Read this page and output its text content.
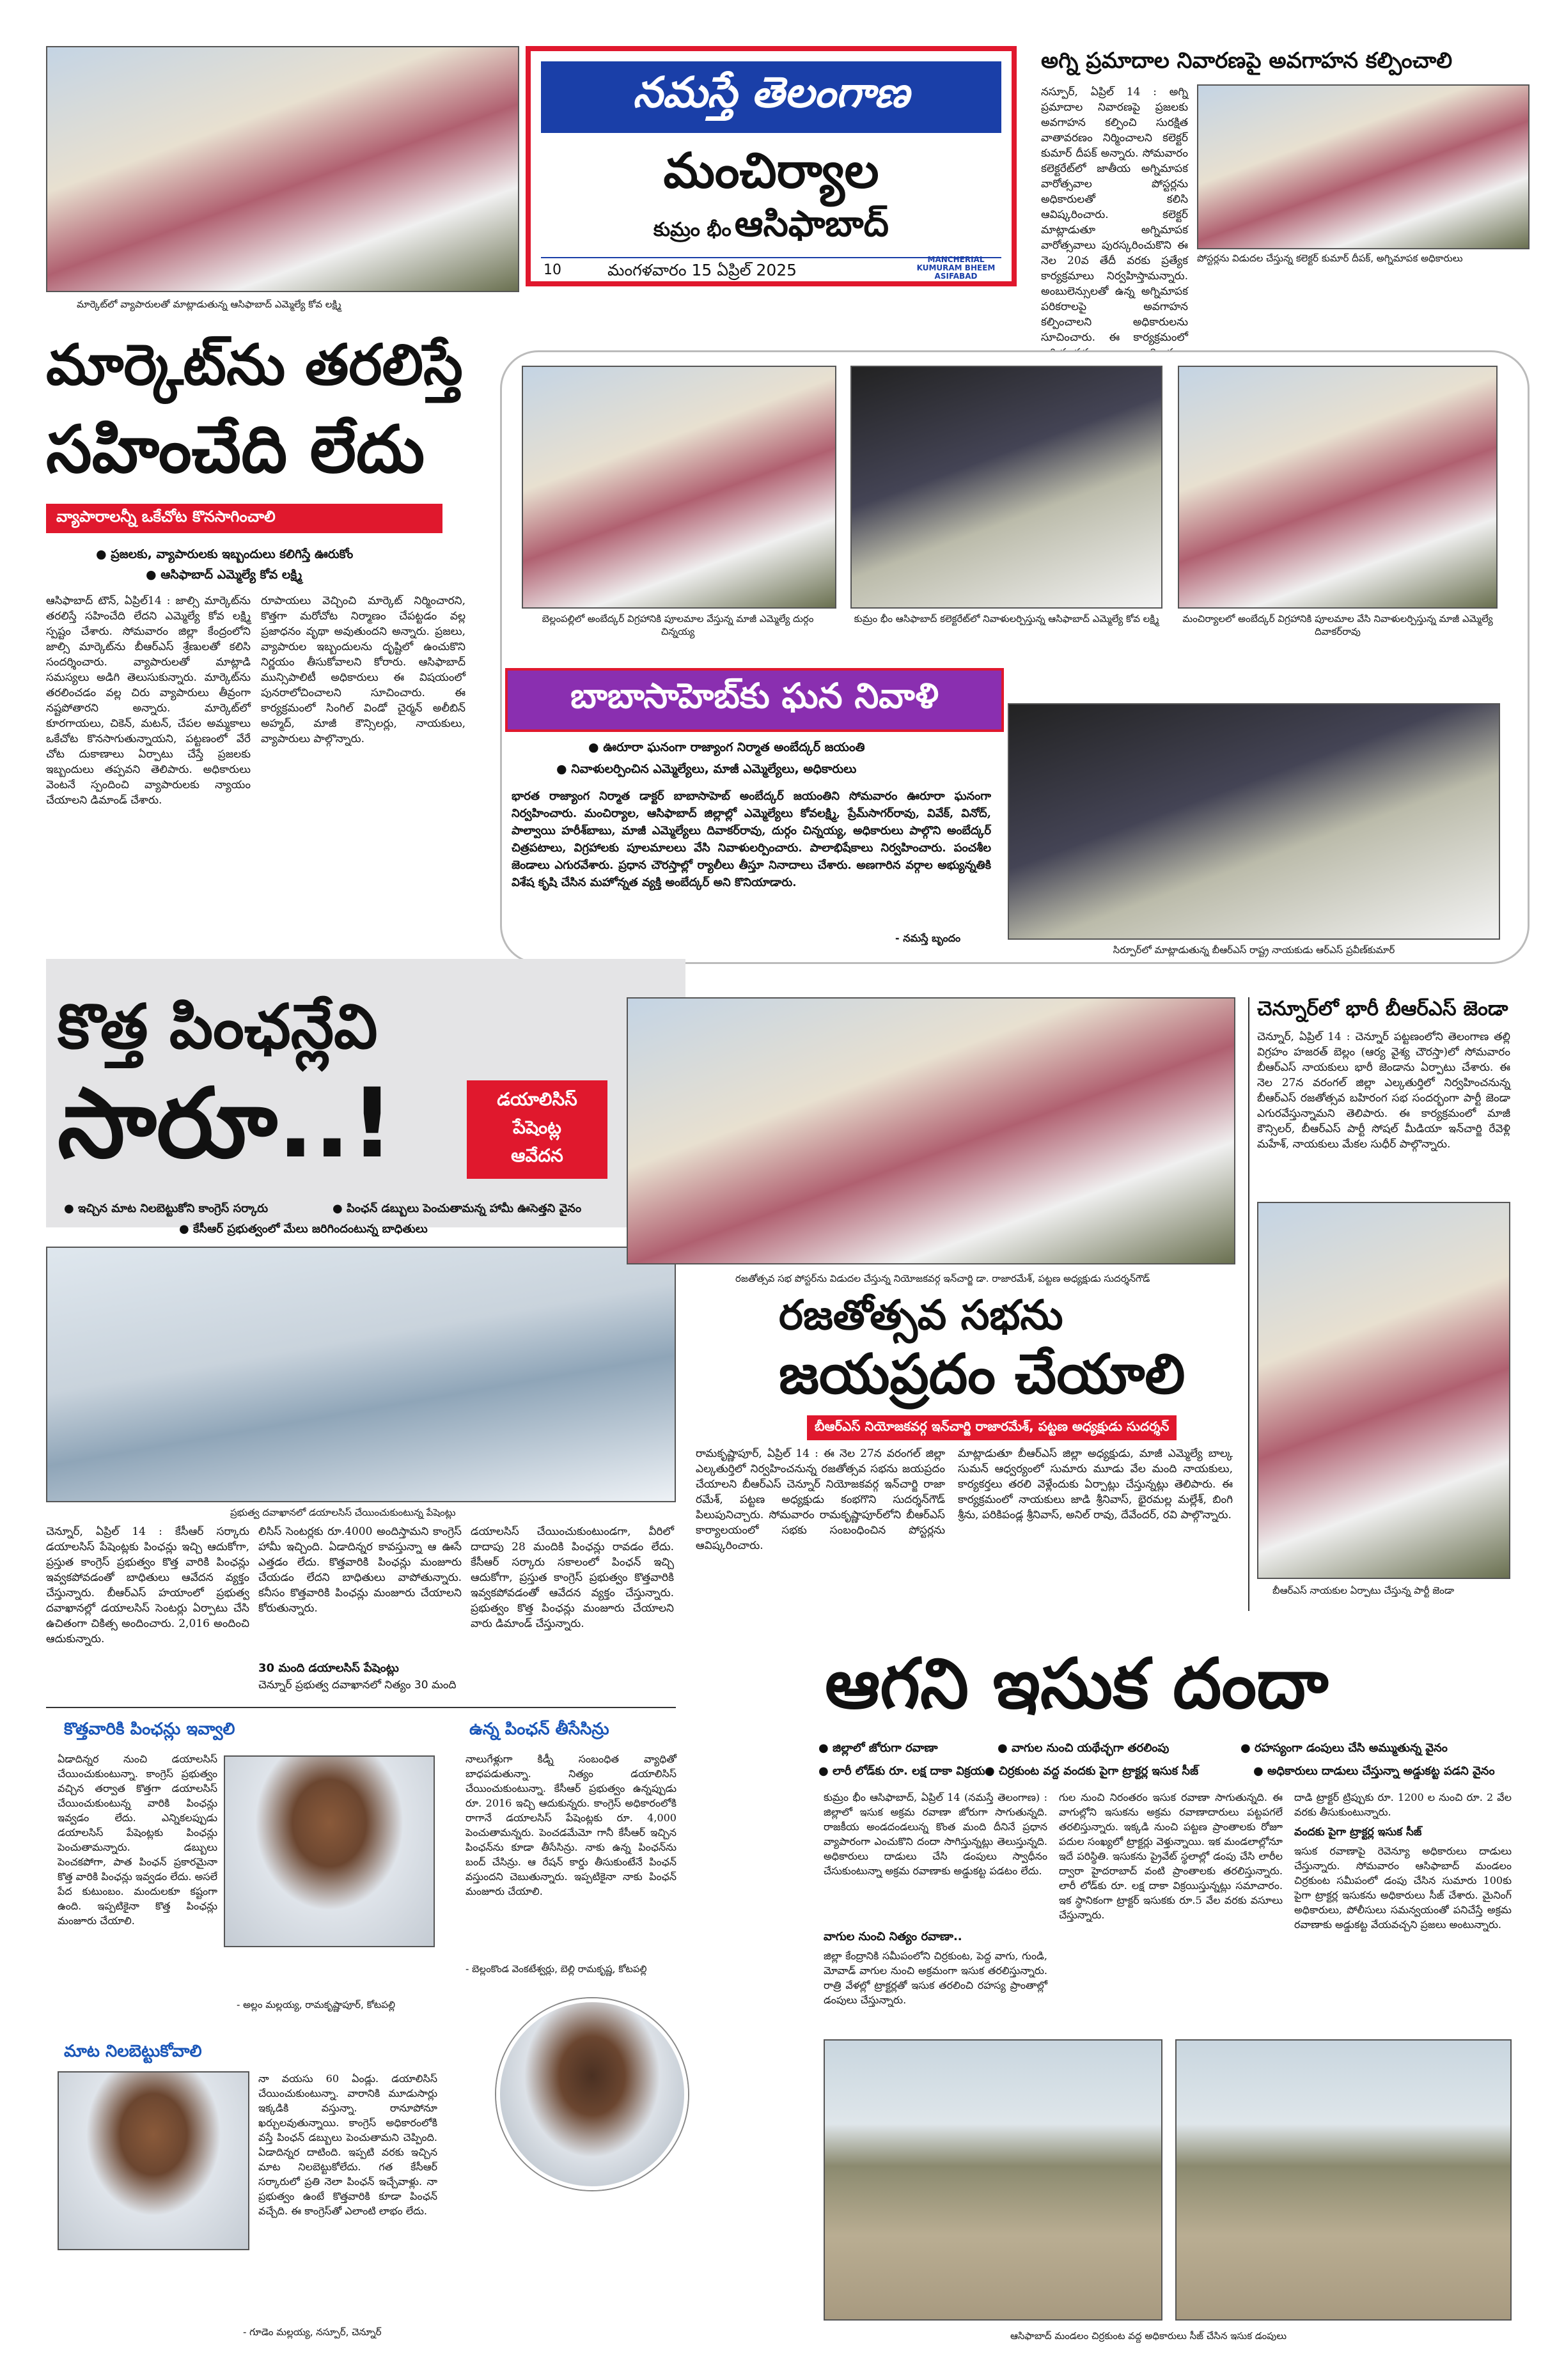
మార్కెట్‌లో వ్యాపారులతో మాట్లాడుతున్న ఆసిఫాబాద్ ఎమ్మెల్యే కోవ లక్ష్మి
నమస్తే తెలంగాణ
మంచిర్యాల
కుమ్రం భీం ఆసిఫాబాద్
10	మంగళవారం 15 ఏప్రిల్ 2025
MANCHERIAL
KUMURAM BHEEM
ASIFABAD
అగ్ని ప్రమాదాల నివారణపై అవగాహన కల్పించాలి
నస్పూర్, ఏప్రిల్ 14 : అగ్ని ప్రమాదాల నివారణపై ప్రజలకు అవగాహన కల్పించి సురక్షిత వాతావరణం నిర్మించాలని కలెక్టర్ కుమార్ దీపక్ అన్నారు. సోమవారం కలెక్టరేట్‌లో జాతీయ అగ్నిమాపక వారోత్సవాల పోస్టర్లను అధికారులతో కలిసి ఆవిష్కరించారు. కలెక్టర్ మాట్లాడుతూ అగ్నిమాపక వారోత్సవాలు పురస్కరించుకొని ఈ నెల 20వ తేదీ వరకు ప్రత్యేక కార్యక్రమాలు నిర్వహిస్తామన్నారు. అంబులెన్సులతో ఉన్న అగ్నిమాపక పరికరాలపై అవగాహన కల్పించాలని అధికారులను సూచించారు. ఈ కార్యక్రమంలో
పోస్టర్లను విడుదల చేస్తున్న కలెక్టర్ కుమార్ దీపక్, అగ్నిమాపక అధికారులు
మార్కెట్‌ను తరలిస్తే
సహించేది లేదు
వ్యాపారాలన్నీ ఒకేచోట కొనసాగించాలి
● ప్రజలకు, వ్యాపారులకు ఇబ్బందులు కలిగిస్తే ఊరుకోం
● ఆసిఫాబాద్ ఎమ్మెల్యే కోవ లక్ష్మి
ఆసిఫాబాద్ టౌన్, ఏప్రిల్14 : జాల్సి మార్కెట్‌ను తరలిస్తే సహించేది లేదని ఎమ్మెల్యే కోవ లక్ష్మి స్పష్టం చేశారు. సోమవారం జిల్లా కేంద్రంలోని జాల్సి మార్కెట్‌ను బీఆర్ఎస్ శ్రేణులతో కలిసి సందర్శించారు. వ్యాపారులతో మాట్లాడి సమస్యలు అడిగి తెలుసుకున్నారు. మార్కెట్‌ను తరలించడం వల్ల చిరు వ్యాపారులు తీవ్రంగా నష్టపోతారని అన్నారు. మార్కెట్‌లో కూరగాయలు, చికెన్, మటన్, చేపల అమ్మకాలు ఒకేచోట కొనసాగుతున్నాయని, పట్టణంలో వేరే చోట దుకాణాలు ఏర్పాటు చేస్తే ప్రజలకు ఇబ్బందులు తప్పవని తెలిపారు. అధికారులు వెంటనే స్పందించి వ్యాపారులకు న్యాయం చేయాలని డిమాండ్ చేశారు.
రూపాయలు వెచ్చించి మార్కెట్ నిర్మించారని, కొత్తగా మరోచోట నిర్మాణం చేపట్టడం వల్ల ప్రజాధనం వృథా అవుతుందని అన్నారు. ప్రజలు, వ్యాపారుల ఇబ్బందులను దృష్టిలో ఉంచుకొని నిర్ణయం తీసుకోవాలని కోరారు. ఆసిఫాబాద్ మున్సిపాలిటీ అధికారులు ఈ విషయంలో పునరాలోచించాలని సూచించారు. ఈ కార్యక్రమంలో సింగిల్ విండో చైర్మన్ అలీబిన్ అహ్మద్, మాజీ కౌన్సిలర్లు, నాయకులు, వ్యాపారులు పాల్గొన్నారు.
బెల్లంపల్లిలో అంబేద్కర్ విగ్రహానికి పూలమాల వేస్తున్న మాజీ ఎమ్మెల్యే దుర్గం చిన్నయ్య
కుమ్రం భీం ఆసిఫాబాద్ కలెక్టరేట్‌లో నివాళులర్పిస్తున్న ఆసిఫాబాద్ ఎమ్మెల్యే కోవ లక్ష్మి	మంచిర్యాలలో అంబేద్కర్ విగ్రహానికి పూలమాల వేసి నివాళులర్పిస్తున్న మాజీ ఎమ్మెల్యే దివాకర్‌రావు
బాబాసాహెబ్‌కు ఘన నివాళి
● ఊరూరా ఘనంగా రాజ్యాంగ నిర్మాత అంబేద్కర్ జయంతి
● నివాళులర్పించిన ఎమ్మెల్యేలు, మాజీ ఎమ్మెల్యేలు, అధికారులు
భారత రాజ్యాంగ నిర్మాత డాక్టర్ బాబాసాహెబ్ అంబేద్కర్ జయంతిని సోమవారం ఊరూరా ఘనంగా నిర్వహించారు. మంచిర్యాల, ఆసిఫాబాద్ జిల్లాల్లో ఎమ్మెల్యేలు కోవలక్ష్మి, ప్రేమ్‌సాగర్‌రావు, వివేక్, వినోద్, పాల్వాయి హరీశ్‌బాబు, మాజీ ఎమ్మెల్యేలు దివాకర్‌రావు, దుర్గం చిన్నయ్య, అధికారులు పాల్గొని అంబేద్కర్ చిత్రపటాలు, విగ్రహాలకు పూలమాలలు వేసి నివాళులర్పించారు. పాలాభిషేకాలు నిర్వహించారు. పంచశీల జెండాలు ఎగురవేశారు. ప్రధాన చౌరస్తాల్లో ర్యాలీలు తీస్తూ నినాదాలు చేశారు. అణగారిన వర్గాల అభ్యున్నతికి విశేష కృషి చేసిన మహోన్నత వ్యక్తి అంబేద్కర్ అని కొనియాడారు.
- నమస్తే బృందం
సిర్పూర్‌లో మాట్లాడుతున్న బీఆర్ఎస్ రాష్ట్ర నాయకుడు ఆర్ఎస్ ప్రవీణ్‌కుమార్
కొత్త పింఛన్లేవి
సారూ..!	డయాలిసిస్
పేషెంట్ల
ఆవేదన
● ఇచ్చిన మాట నిలబెట్టుకోని కాంగ్రెస్ సర్కారు	● పింఛన్ డబ్బులు పెంచుతామన్న హామీ ఊసెత్తని వైనం
● కేసీఆర్ ప్రభుత్వంలో మేలు జరిగిందంటున్న బాధితులు
ప్రభుత్వ దవాఖానలో డయాలసిస్ చేయించుకుంటున్న పేషెంట్లు
చెన్నూర్, ఏప్రిల్ 14 : కేసీఆర్ సర్కారు డయాలసిస్ పేషెంట్లకు పింఛన్లు ఇచ్చి ఆదుకోగా, ప్రస్తుత కాంగ్రెస్ ప్రభుత్వం కొత్త వారికి పింఛన్లు ఇవ్వకపోవడంతో బాధితులు ఆవేదన వ్యక్తం చేస్తున్నారు. బీఆర్ఎస్ హయాంలో ప్రభుత్వ దవాఖానల్లో డయాలసిస్ సెంటర్లు ఏర్పాటు చేసి ఉచితంగా చికిత్స అందించారు. 2,016 అందించి ఆదుకున్నారు.
లిసిస్ సెంటర్లకు రూ.4000 అందిస్తామని కాంగ్రెస్ హామీ ఇచ్చింది. ఏడాదిన్నర కావస్తున్నా ఆ ఊసే ఎత్తడం లేదు. కొత్తవారికి పింఛన్లు మంజూరు చేయడం లేదని బాధితులు వాపోతున్నారు. కనీసం కొత్తవారికి పింఛన్లు మంజూరు చేయాలని కోరుతున్నారు.
30 మంది డయాలసిస్ పేషెంట్లు
చెన్నూర్ ప్రభుత్వ దవాఖానలో నిత్యం 30 మంది
డయాలసిస్ చేయించుకుంటుండగా, వీరిలో దాదాపు 28 మందికి పింఛన్లు రావడం లేదు. కేసీఆర్ సర్కారు సకాలంలో పింఛన్ ఇచ్చి ఆదుకోగా, ప్రస్తుత కాంగ్రెస్ ప్రభుత్వం కొత్తవారికి ఇవ్వకపోవడంతో ఆవేదన వ్యక్తం చేస్తున్నారు. ప్రభుత్వం కొత్త పింఛన్లు మంజూరు చేయాలని వారు డిమాండ్ చేస్తున్నారు.
కొత్తవారికి పింఛన్లు ఇవ్వాలి
ఏడాదిన్నర నుంచి డయాలసిస్ చేయించుకుంటున్నా. కాంగ్రెస్ ప్రభుత్వం వచ్చిన తర్వాత కొత్తగా డయాలసిస్ చేయించుకుంటున్న వారికి పింఛన్లు ఇవ్వడం లేదు. ఎన్నికలప్పుడు డయాలసిస్ పేషెంట్లకు పింఛన్లు పెంచుతామన్నారు. డబ్బులు పెంచకపోగా, పాత పింఛన్ ప్రకారమైనా కొత్త వారికి పింఛన్లు ఇవ్వడం లేదు. అసలే పేద కుటుంబం. మందులకూ కష్టంగా ఉంది. ఇప్పటికైనా కొత్త పింఛన్లు మంజూరు చేయాలి.
- అల్లం మల్లయ్య, రామకృష్ణాపూర్, కోటపల్లి
మాట నిలబెట్టుకోవాలి
నా వయసు 60 ఏండ్లు. డయాలిసిస్ చేయించుకుంటున్నా. వారానికి మూడుసార్లు ఇక్కడికి వస్తున్నా. రానూపోనూ ఖర్చులవుతున్నాయి. కాంగ్రెస్ అధికారంలోకి వస్తే పింఛన్ డబ్బులు పెంచుతామని చెప్పింది. ఏడాదిన్నర దాటింది. ఇప్పటి వరకు ఇచ్చిన మాట నిలబెట్టుకోలేదు. గత కేసీఆర్ సర్కారులో ప్రతి నెలా పింఛన్ ఇచ్చేవాళ్లు. నా ప్రభుత్వం ఉంటే కొత్తవారికి కూడా పింఛన్ వచ్చేది. ఈ కాంగ్రెస్‌తో ఎలాంటి లాభం లేదు.
- గూడెం మల్లయ్య, నస్పూర్, చెన్నూర్
ఉన్న పింఛన్ తీసేసిన్రు
నాలుగేళ్లుగా కిడ్నీ సంబంధిత వ్యాధితో బాధపడుతున్నా. నిత్యం డయాలిసిస్ చేయించుకుంటున్నా. కేసీఆర్ ప్రభుత్వం ఉన్నప్పుడు రూ. 2016 ఇచ్చి ఆదుకున్నరు. కాంగ్రెస్ అధికారంలోకి రాగానే డయాలసిస్ పేషెంట్లకు రూ. 4,000 పెంచుతామన్నరు. పెంచడమేమో గానీ కేసీఆర్ ఇచ్చిన పింఛన్‌ను కూడా తీసేసిన్రు. నాకు ఉన్న పింఛన్‌ను బంద్ చేసిన్రు. ఆ రేషన్ కార్డు తీసుకుంటేనే పింఛన్ వస్తుందని చెబుతున్నారు. ఇప్పటికైనా నాకు పింఛన్ మంజూరు చేయాలి.
- బెల్లంకొండ వెంకటేశ్వర్లు, బెల్లి రామకృష్ణ, కోటపల్లి
రజతోత్సవ సభ పోస్టర్‌ను విడుదల చేస్తున్న నియోజకవర్గ ఇన్‌చార్జి డా. రాజారమేశ్, పట్టణ అధ్యక్షుడు సుదర్శన్‌గౌడ్
రజతోత్సవ సభను
జయప్రదం చేయాలి
బీఆర్ఎస్ నియోజకవర్గ ఇన్‌చార్జి రాజారమేశ్, పట్టణ అధ్యక్షుడు సుదర్శన్
రామకృష్ణాపూర్, ఏప్రిల్ 14 : ఈ నెల 27న వరంగల్ జిల్లా ఎల్కతుర్తిలో నిర్వహించనున్న రజతోత్సవ సభను జయప్రదం చేయాలని బీఆర్ఎస్ చెన్నూర్ నియోజకవర్గ ఇన్‌చార్జి రాజా రమేశ్, పట్టణ అధ్యక్షుడు కంభగొని సుదర్శన్‌గౌడ్ పిలుపునిచ్చారు. సోమవారం రామకృష్ణాపూర్‌లోని బీఆర్ఎస్ కార్యాలయంలో సభకు సంబంధించిన పోస్టర్లను ఆవిష్కరించారు.
మాట్లాడుతూ బీఆర్ఎస్ జిల్లా అధ్యక్షుడు, మాజీ ఎమ్మెల్యే బాల్క సుమన్ ఆధ్వర్యంలో సుమారు మూడు వేల మంది నాయకులు, కార్యకర్తలు తరలి వెళ్లేందుకు ఏర్పాట్లు చేస్తున్నట్లు తెలిపారు. ఈ కార్యక్రమంలో నాయకులు జాడి శ్రీనివాస్, భైరమల్ల మల్లేశ్, బింగి శ్రీను, పరికిపండ్ల శ్రీనివాస్, అనిల్ రావు, దేవేందర్, రవి పాల్గొన్నారు.
చెన్నూర్‌లో భారీ బీఆర్ఎస్ జెండా
చెన్నూర్, ఏప్రిల్ 14 : చెన్నూర్ పట్టణంలోని తెలంగాణ తల్లి విగ్రహం హజరత్ బెల్లం (ఆర్య వైశ్య చౌరస్తా)లో సోమవారం బీఆర్ఎస్ నాయకులు భారీ జెండాను ఏర్పాటు చేశారు. ఈ నెల 27న వరంగల్ జిల్లా ఎల్కతుర్తిలో నిర్వహించనున్న బీఆర్ఎస్ రజతోత్సవ బహిరంగ సభ సందర్భంగా పార్టీ జెండా ఎగురవేస్తున్నామని తెలిపారు. ఈ కార్యక్రమంలో మాజీ కౌన్సిలర్, బీఆర్ఎస్ పార్టీ సోషల్ మీడియా ఇన్‌చార్జి రేవెళ్లి మహేశ్, నాయకులు మేకల సుధీర్ పాల్గొన్నారు.
బీఆర్ఎస్ నాయకుల ఏర్పాటు చేస్తున్న పార్టీ జెండా
ఆగని ఇసుక దందా
● జిల్లాలో జోరుగా రవాణా	● వాగుల నుంచి యథేచ్ఛగా తరలింపు	● రహస్యంగా డంపులు చేసి అమ్ముతున్న వైనం
● లారీ లోడ్‌కు రూ. లక్ష దాకా విక్రయం ● చిర్రకుంట వద్ద వందకు పైగా ట్రాక్టర్ల ఇసుక సీజ్	● అధికారులు దాడులు చేస్తున్నా అడ్డుకట్ట పడని వైనం
కుమ్రం భీం ఆసిఫాబాద్, ఏప్రిల్ 14 (నమస్తే తెలంగాణ) : జిల్లాలో ఇసుక అక్రమ రవాణా జోరుగా సాగుతున్నది. రాజకీయ అండదండలున్న కొంత మంది దీనినే ప్రధాన వ్యాపారంగా ఎంచుకొని దందా సాగిస్తున్నట్లు తెలుస్తున్నది. అధికారులు దాడులు చేసి డంపులు స్వాధీనం చేసుకుంటున్నా అక్రమ రవాణాకు అడ్డుకట్ట పడటం లేదు.
వాగుల నుంచి నిత్యం రవాణా..
జిల్లా కేంద్రానికి సమీపంలోని చిర్రకుంట, పెద్ద వాగు, గుండి, మోవాడ్ వాగుల నుంచి అక్రమంగా ఇసుక తరలిస్తున్నారు. రాత్రి వేళల్లో ట్రాక్టర్లతో ఇసుక తరలించి రహస్య ప్రాంతాల్లో డంపులు చేస్తున్నారు.
గుల నుంచి నిరంతరం ఇసుక రవాణా సాగుతున్నది. ఈ వాగుల్లోని ఇసుకను అక్రమ రవాణాదారులు పట్టపగలే తరలిస్తున్నారు. ఇక్కడి నుంచి పట్టణ ప్రాంతాలకు రోజూ పదుల సంఖ్యలో ట్రాక్టర్లు వెళ్తున్నాయి. ఇక మండలాల్లోనూ ఇదే పరిస్థితి. ఇసుకను ప్రైవేట్ స్థలాల్లో డంపు చేసి లారీల ద్వారా హైదరాబాద్ వంటి ప్రాంతాలకు తరలిస్తున్నారు. లారీ లోడ్‌కు రూ. లక్ష దాకా విక్రయిస్తున్నట్లు సమాచారం. ఇక స్థానికంగా ట్రాక్టర్ ఇసుకకు రూ.5 వేల వరకు వసూలు చేస్తున్నారు.
దాడి ట్రాక్టర్ ట్రిప్పుకు రూ. 1200 ల నుంచి రూ. 2 వేల వరకు తీసుకుంటున్నారు.
వందకు పైగా ట్రాక్టర్ల ఇసుక సీజ్
ఇసుక రవాణాపై రెవెన్యూ అధికారులు దాడులు చేస్తున్నారు. సోమవారం ఆసిఫాబాద్ మండలం చిర్రకుంట సమీపంలో డంపు చేసిన సుమారు 100కు పైగా ట్రాక్టర్ల ఇసుకను అధికారులు సీజ్ చేశారు. మైనింగ్ అధికారులు, పోలీసులు సమన్వయంతో పనిచేస్తే అక్రమ రవాణాకు అడ్డుకట్ట వేయవచ్చని ప్రజలు అంటున్నారు.
ఆసిఫాబాద్ మండలం చిర్రకుంట వద్ద అధికారులు సీజ్ చేసిన ఇసుక డంపులు
